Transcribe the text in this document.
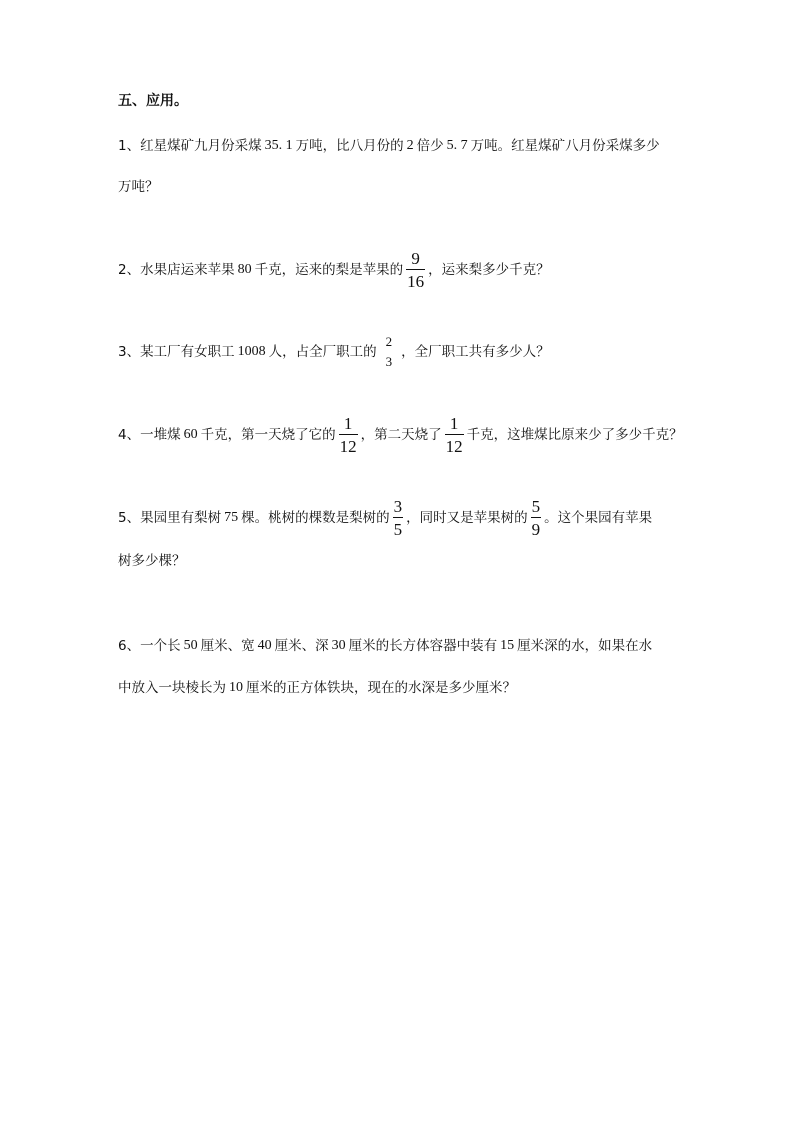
五、应用。
1、红星煤矿九月份采煤 35. 1 万吨，比八月份的 2 倍少 5. 7 万吨。红星煤矿八月份采煤多少
万吨？
2、水果店运来苹果 80 千克，运来的梨是苹果的 $\frac{9}{16}$ ，运来梨多少千克？
3、某工厂有女职工 1008 人，占全厂职工的
2
3
，全厂职工共有多少人？
4、一堆煤 60 千克，第一天烧了它的 $\frac{1}{12}$ ，第二天烧了 $\frac{1}{12}$ 千克，这堆煤比原来少了多少千克？
5、果园里有梨树 75 棵。桃树的棵数是梨树的 $\frac{3}{5}$ ，同时又是苹果树的 $\frac{5}{9}$ 。这个果园有苹果
树多少棵？
6、一个长 50 厘米、宽 40 厘米、深 30 厘米的长方体容器中装有 15 厘米深的水，如果在水
中放入一块棱长为 10 厘米的正方体铁块，现在的水深是多少厘米？
